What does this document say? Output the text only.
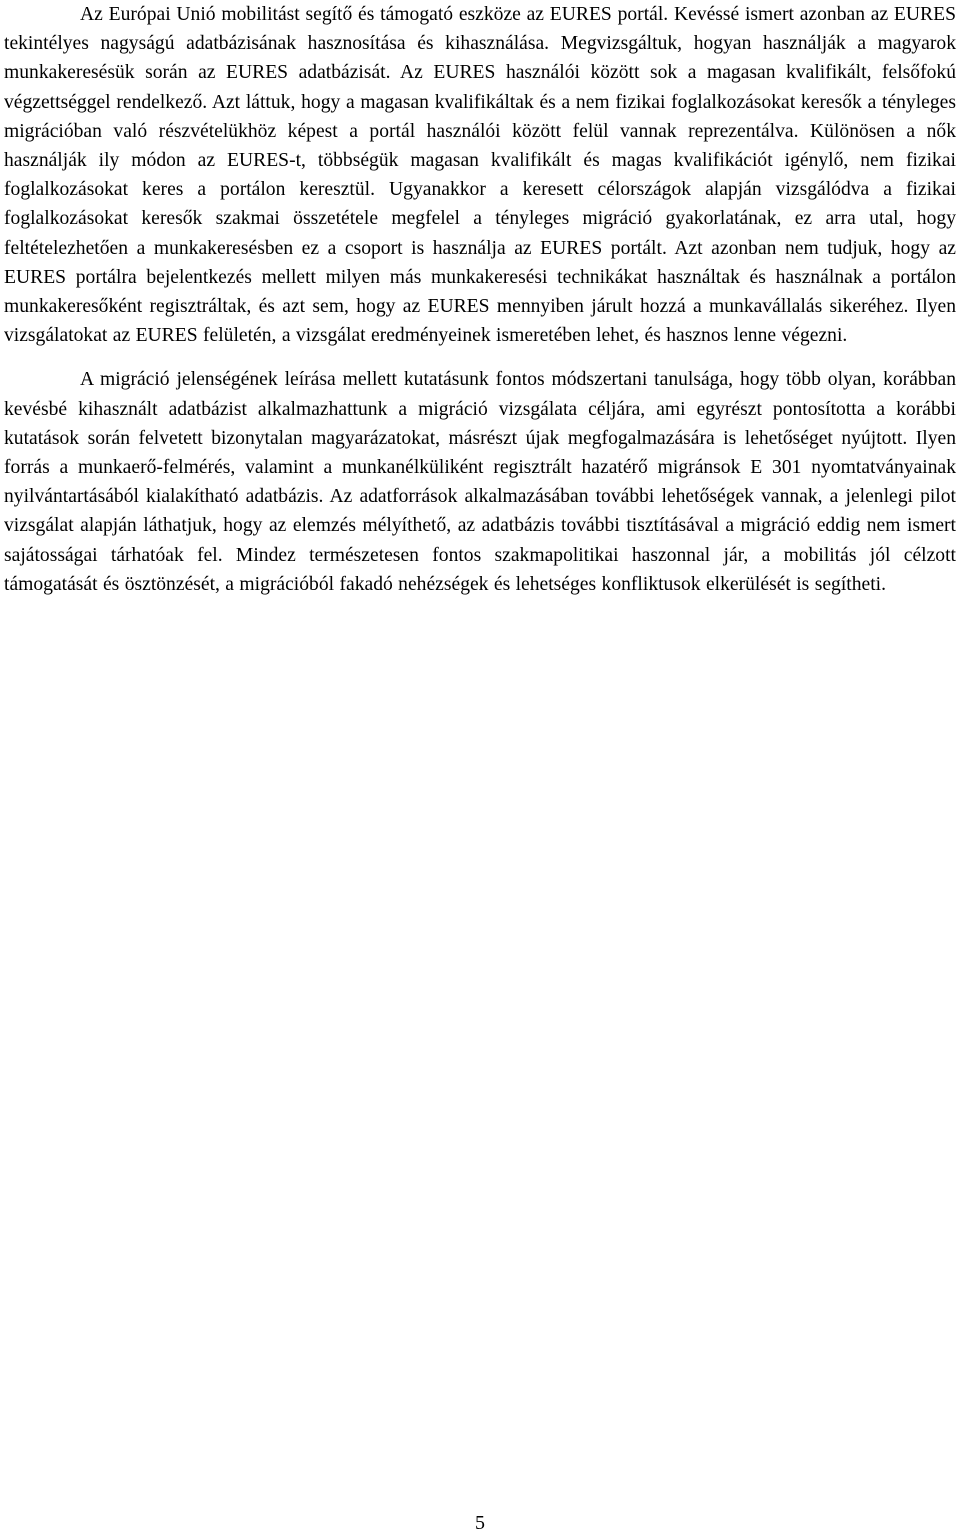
Az Európai Unió mobilitást segítő és támogató eszköze az EURES portál. Kevéssé ismert azonban az EURES tekintélyes nagyságú adatbázisának hasznosítása és kihasználása. Megvizsgáltuk, hogyan használják a magyarok munkakeresésük során az EURES adatbázisát. Az EURES használói között sok a magasan kvalifikált, felsőfokú végzettséggel rendelkező. Azt láttuk, hogy a magasan kvalifikáltak és a nem fizikai foglalkozásokat keresők a tényleges migrációban való részvételükhöz képest a portál használói között felül vannak reprezentálva. Különösen a nők használják ily módon az EURES-t, többségük magasan kvalifikált és magas kvalifikációt igénylő, nem fizikai foglalkozásokat keres a portálon keresztül. Ugyanakkor a keresett célországok alapján vizsgálódva a fizikai foglalkozásokat keresők szakmai összetétele megfelel a tényleges migráció gyakorlatának, ez arra utal, hogy feltételezhetően a munkakeresésben ez a csoport is használja az EURES portált. Azt azonban nem tudjuk, hogy az EURES portálra bejelentkezés mellett milyen más munkakeresési technikákat használtak és használnak a portálon munkakeresőként regisztráltak, és azt sem, hogy az EURES mennyiben járult hozzá a munkavállalás sikeréhez. Ilyen vizsgálatokat az EURES felületén, a vizsgálat eredményeinek ismeretében lehet, és hasznos lenne végezni.

A migráció jelenségének leírása mellett kutatásunk fontos módszertani tanulsága, hogy több olyan, korábban kevésbé kihasznált adatbázist alkalmazhattunk a migráció vizsgálata céljára, ami egyrészt pontosította a korábbi kutatások során felvetett bizonytalan magyarázatokat, másrészt újak megfogalmazására is lehetőséget nyújtott. Ilyen forrás a munkaerő-felmérés, valamint a munkanélküliként regisztrált hazatérő migránsok E 301 nyomtatványainak nyilvántartásából kialakítható adatbázis. Az adatforrások alkalmazásában további lehetőségek vannak, a jelenlegi pilot vizsgálat alapján láthatjuk, hogy az elemzés mélyíthető, az adatbázis további tisztításával a migráció eddig nem ismert sajátosságai tárhatóak fel. Mindez természetesen fontos szakmapolitikai haszonnal jár, a mobilitás jól célzott támogatását és ösztönzését, a migrációból fakadó nehézségek és lehetséges konfliktusok elkerülését is segítheti.

5
